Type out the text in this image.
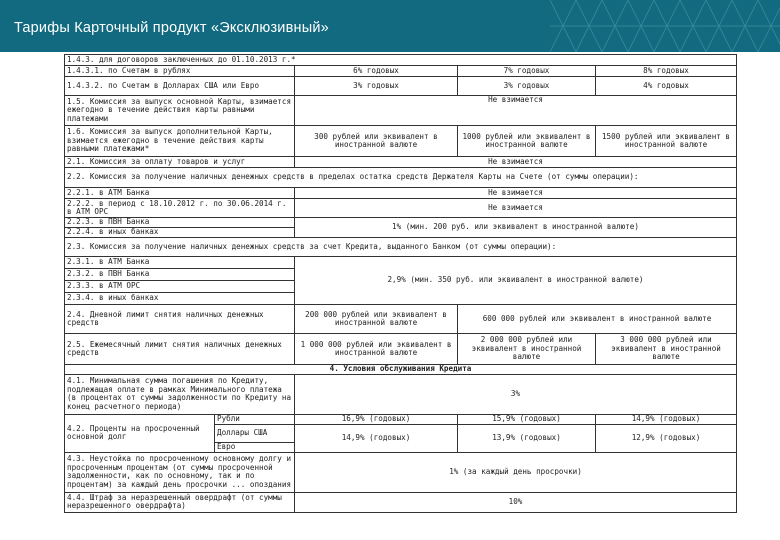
Тарифы Карточный продукт «Эксклюзивный»
1.4.3. для договоров заключенных до 01.10.2013 г.*				
1.4.3.1. по Счетам в рублях		6% годовых	7% годовых	8% годовых
1.4.3.2. по Счетам в Долларах США или Евро		3% годовых	3% годовых	4% годовых
1.5. Комиссия за выпуск основной Карты, взимается ежегодно в течение действия карты равными платежами		Не взимается		
1.6. Комиссия за выпуск дополнительной Карты, взимается ежегодно в течение действия карты равными платежами*		300 рублей или эквивалент в иностранной валюте	1000 рублей или эквивалент в иностранной валюте	1500 рублей или эквивалент в иностранной валюте
2.1. Комиссия за оплату товаров и услуг		Не взимается		
2.2. Комиссия за получение наличных денежных средств в пределах остатка средств Держателя Карты на Счете (от суммы операции):				
2.2.1. в АТМ Банка		Не взимается		
2.2.2. в период с 18.10.2012 г. по 30.06.2014 г. в АТМ ОРС		Не взимается		
2.2.3. в ПВН Банка		1% (мин. 200 руб. или эквивалент в иностранной валюте)		
2.2.4. в иных банках				
2.3. Комиссия за получение наличных денежных средств за счет Кредита, выданного Банком (от суммы операции):				
2.3.1. в АТМ Банка		2,9% (мин. 350 руб. или эквивалент в иностранной валюте)		
2.3.2. в ПВН Банка				
2.3.3. в АТМ ОРС				
2.3.4. в иных банках				
2.4. Дневной лимит снятия наличных денежных средств		200 000 рублей или эквивалент в иностранной валюте	600 000 рублей или эквивалент в иностранной валюте	
2.5. Ежемесячный лимит снятия наличных денежных средств		1 000 000 рублей или эквивалент в иностранной валюте	2 000 000 рублей или эквивалент в иностранной валюте	3 000 000 рублей или эквивалент в иностранной валюте
4. Условия обслуживания Кредита				
4.1. Минимальная сумма погашения по Кредиту, подлежащая оплате в рамках Минимального платежа (в процентах от суммы задолженности по Кредиту на конец расчетного периода)		3%		
4.2. Проценты на просроченный основной долг	Рубли	16,9% (годовых)	15,9% (годовых)	14,9% (годовых)
	Доллары США	14,9% (годовых)	13,9% (годовых)	12,9% (годовых)
	Евро			
4.3. Неустойка по просроченному основному долгу и просроченным процентам (от суммы просроченной задолженности, как по основному, так и по процентам) за каждый день просрочки ... опоздания		1% (за каждый день просрочки)		
4.4. Штраф за неразрешенный овердрафт (от суммы неразрешенного овердрафта)		10%		
